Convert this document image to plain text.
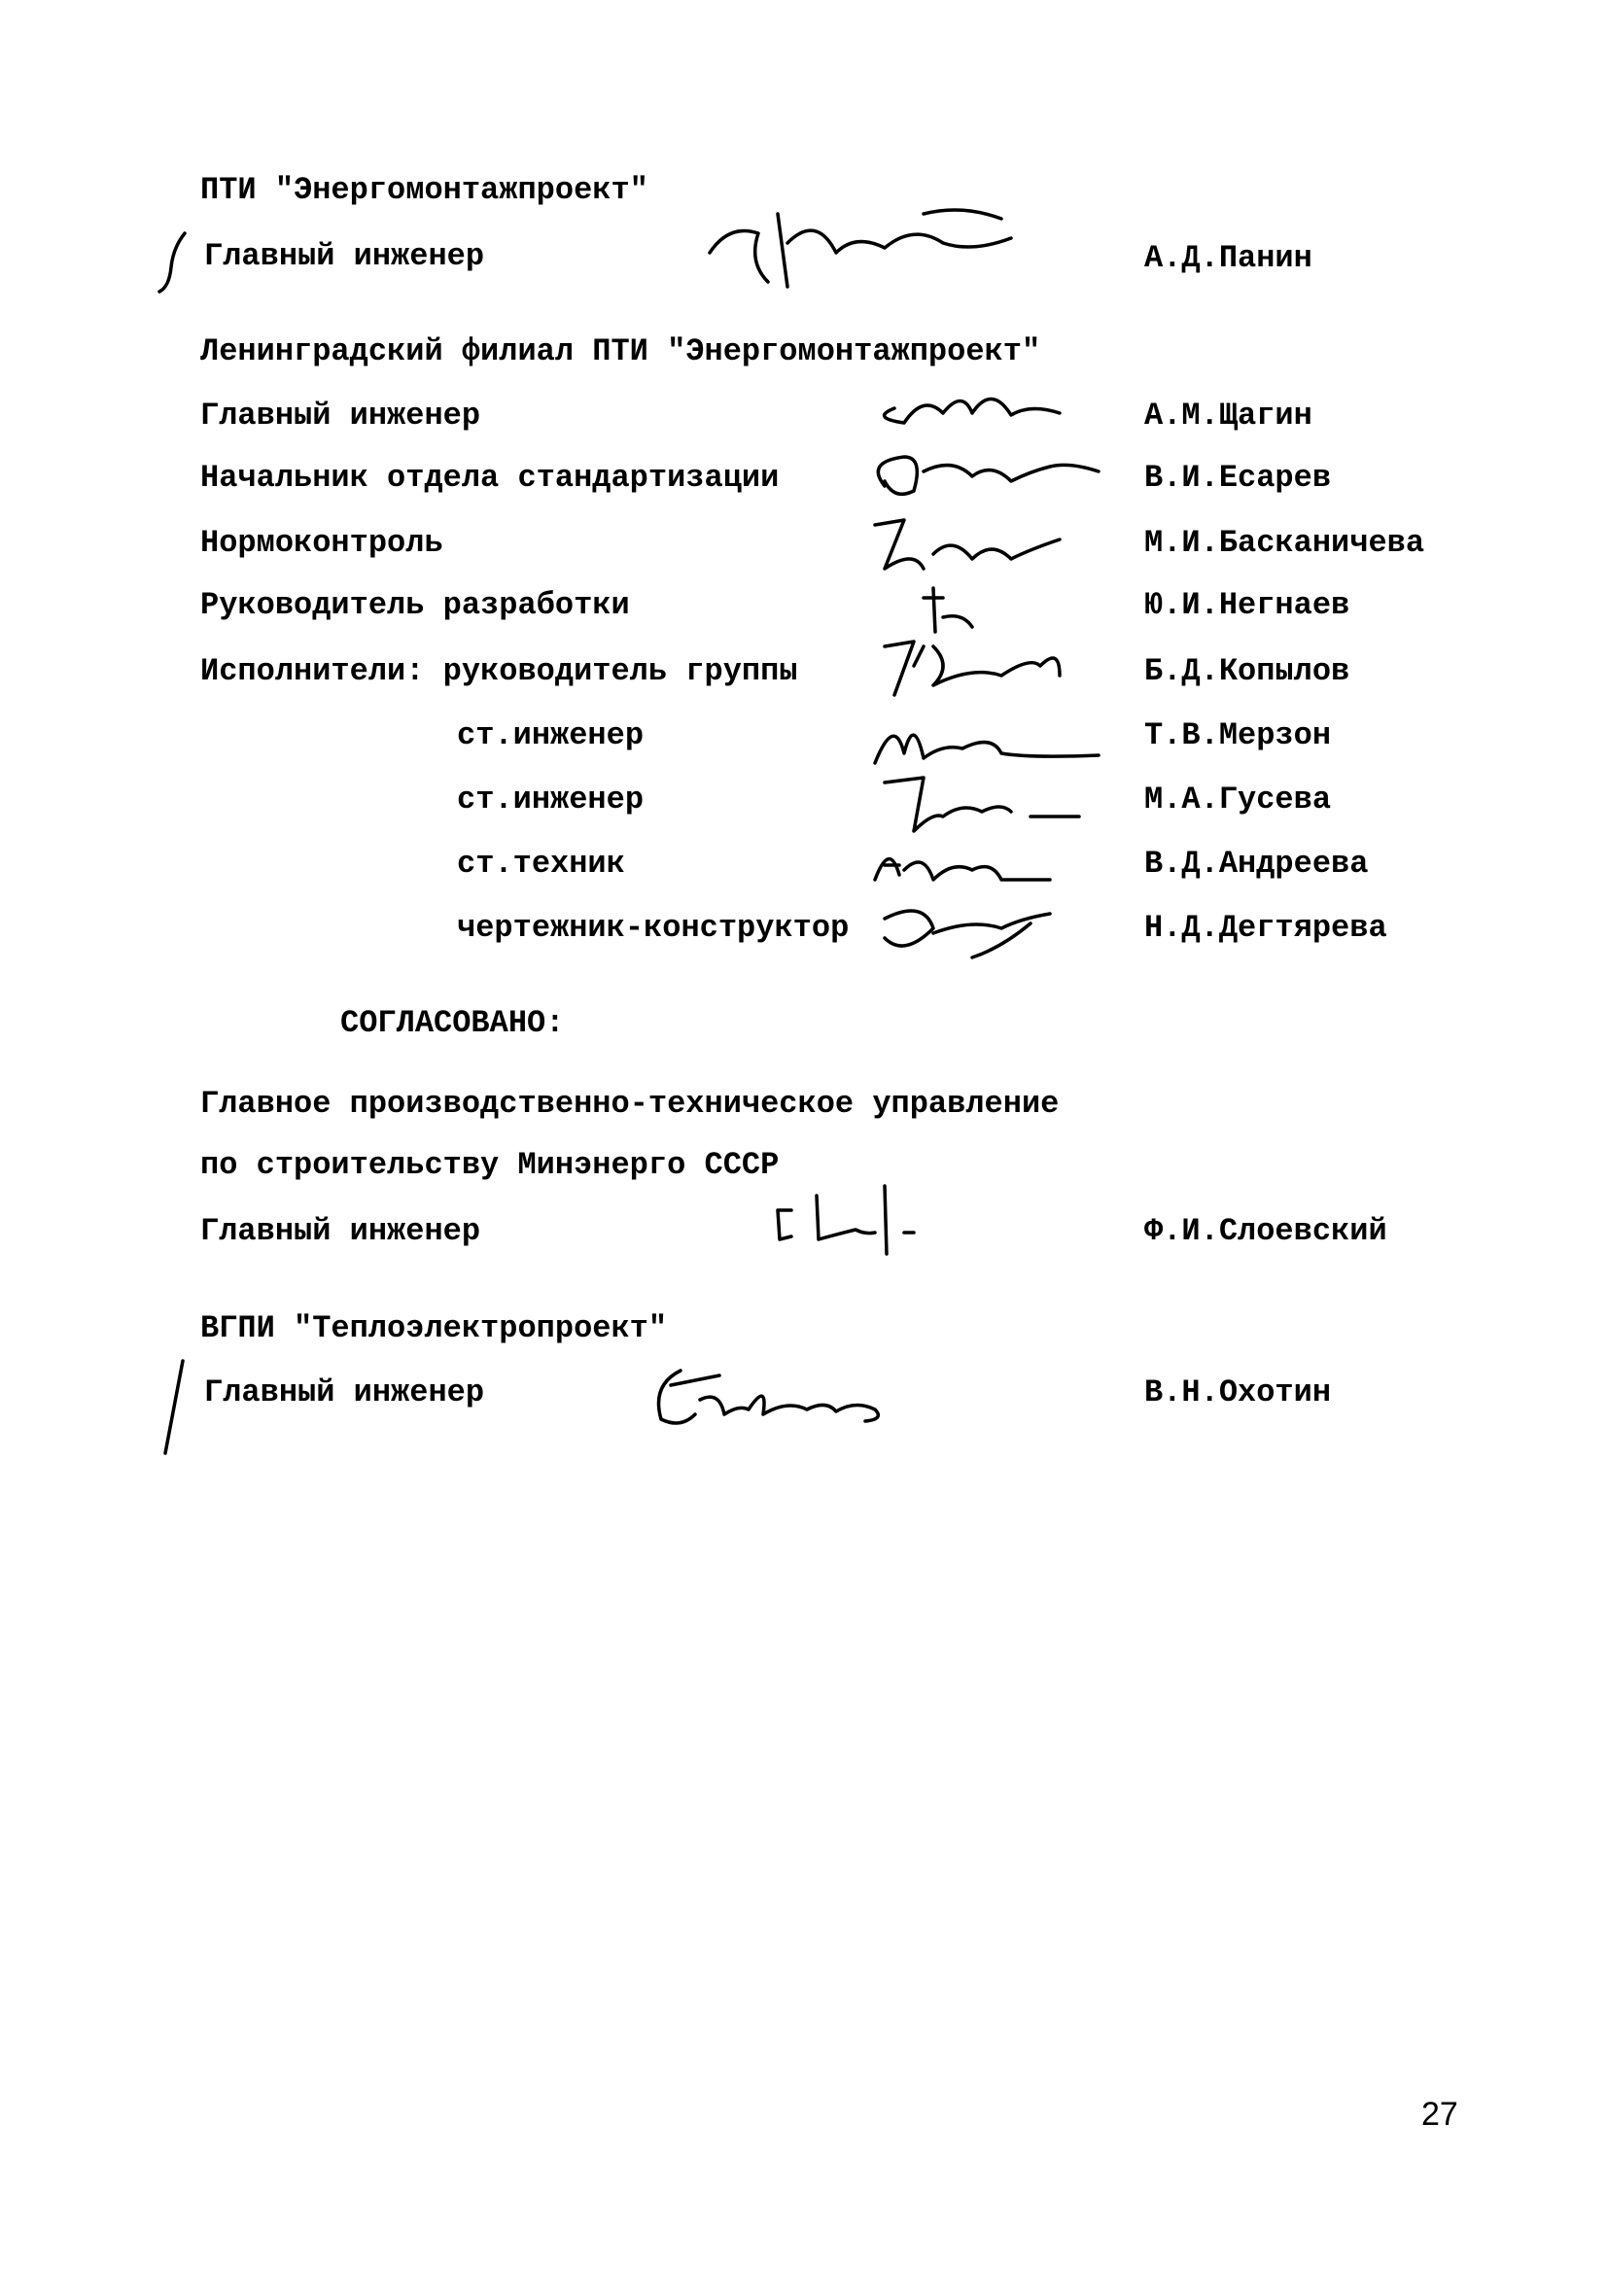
ПТИ "Энергомонтажпроект"
Главный инженер	А.Д.Панин
Ленинградский филиал ПТИ "Энергомонтажпроект"
Главный инженер	А.М.Щагин
Начальник отдела стандартизации	В.И.Есарев
Нормоконтроль	М.И.Басканичева
Руководитель разработки	Ю.И.Негнаев
Исполнители: руководитель группы	Б.Д.Копылов
ст.инженер	Т.В.Мерзон
ст.инженер	М.А.Гусева
ст.техник	В.Д.Андреева
чертежник-конструктор	Н.Д.Дегтярева
СОГЛАСОВАНО:
Главное производственно-техническое управление
по строительству Минэнерго СССР
Главный инженер	Ф.И.Слоевский
ВГПИ "Теплоэлектропроект"
Главный инженер	В.Н.Охотин
27
